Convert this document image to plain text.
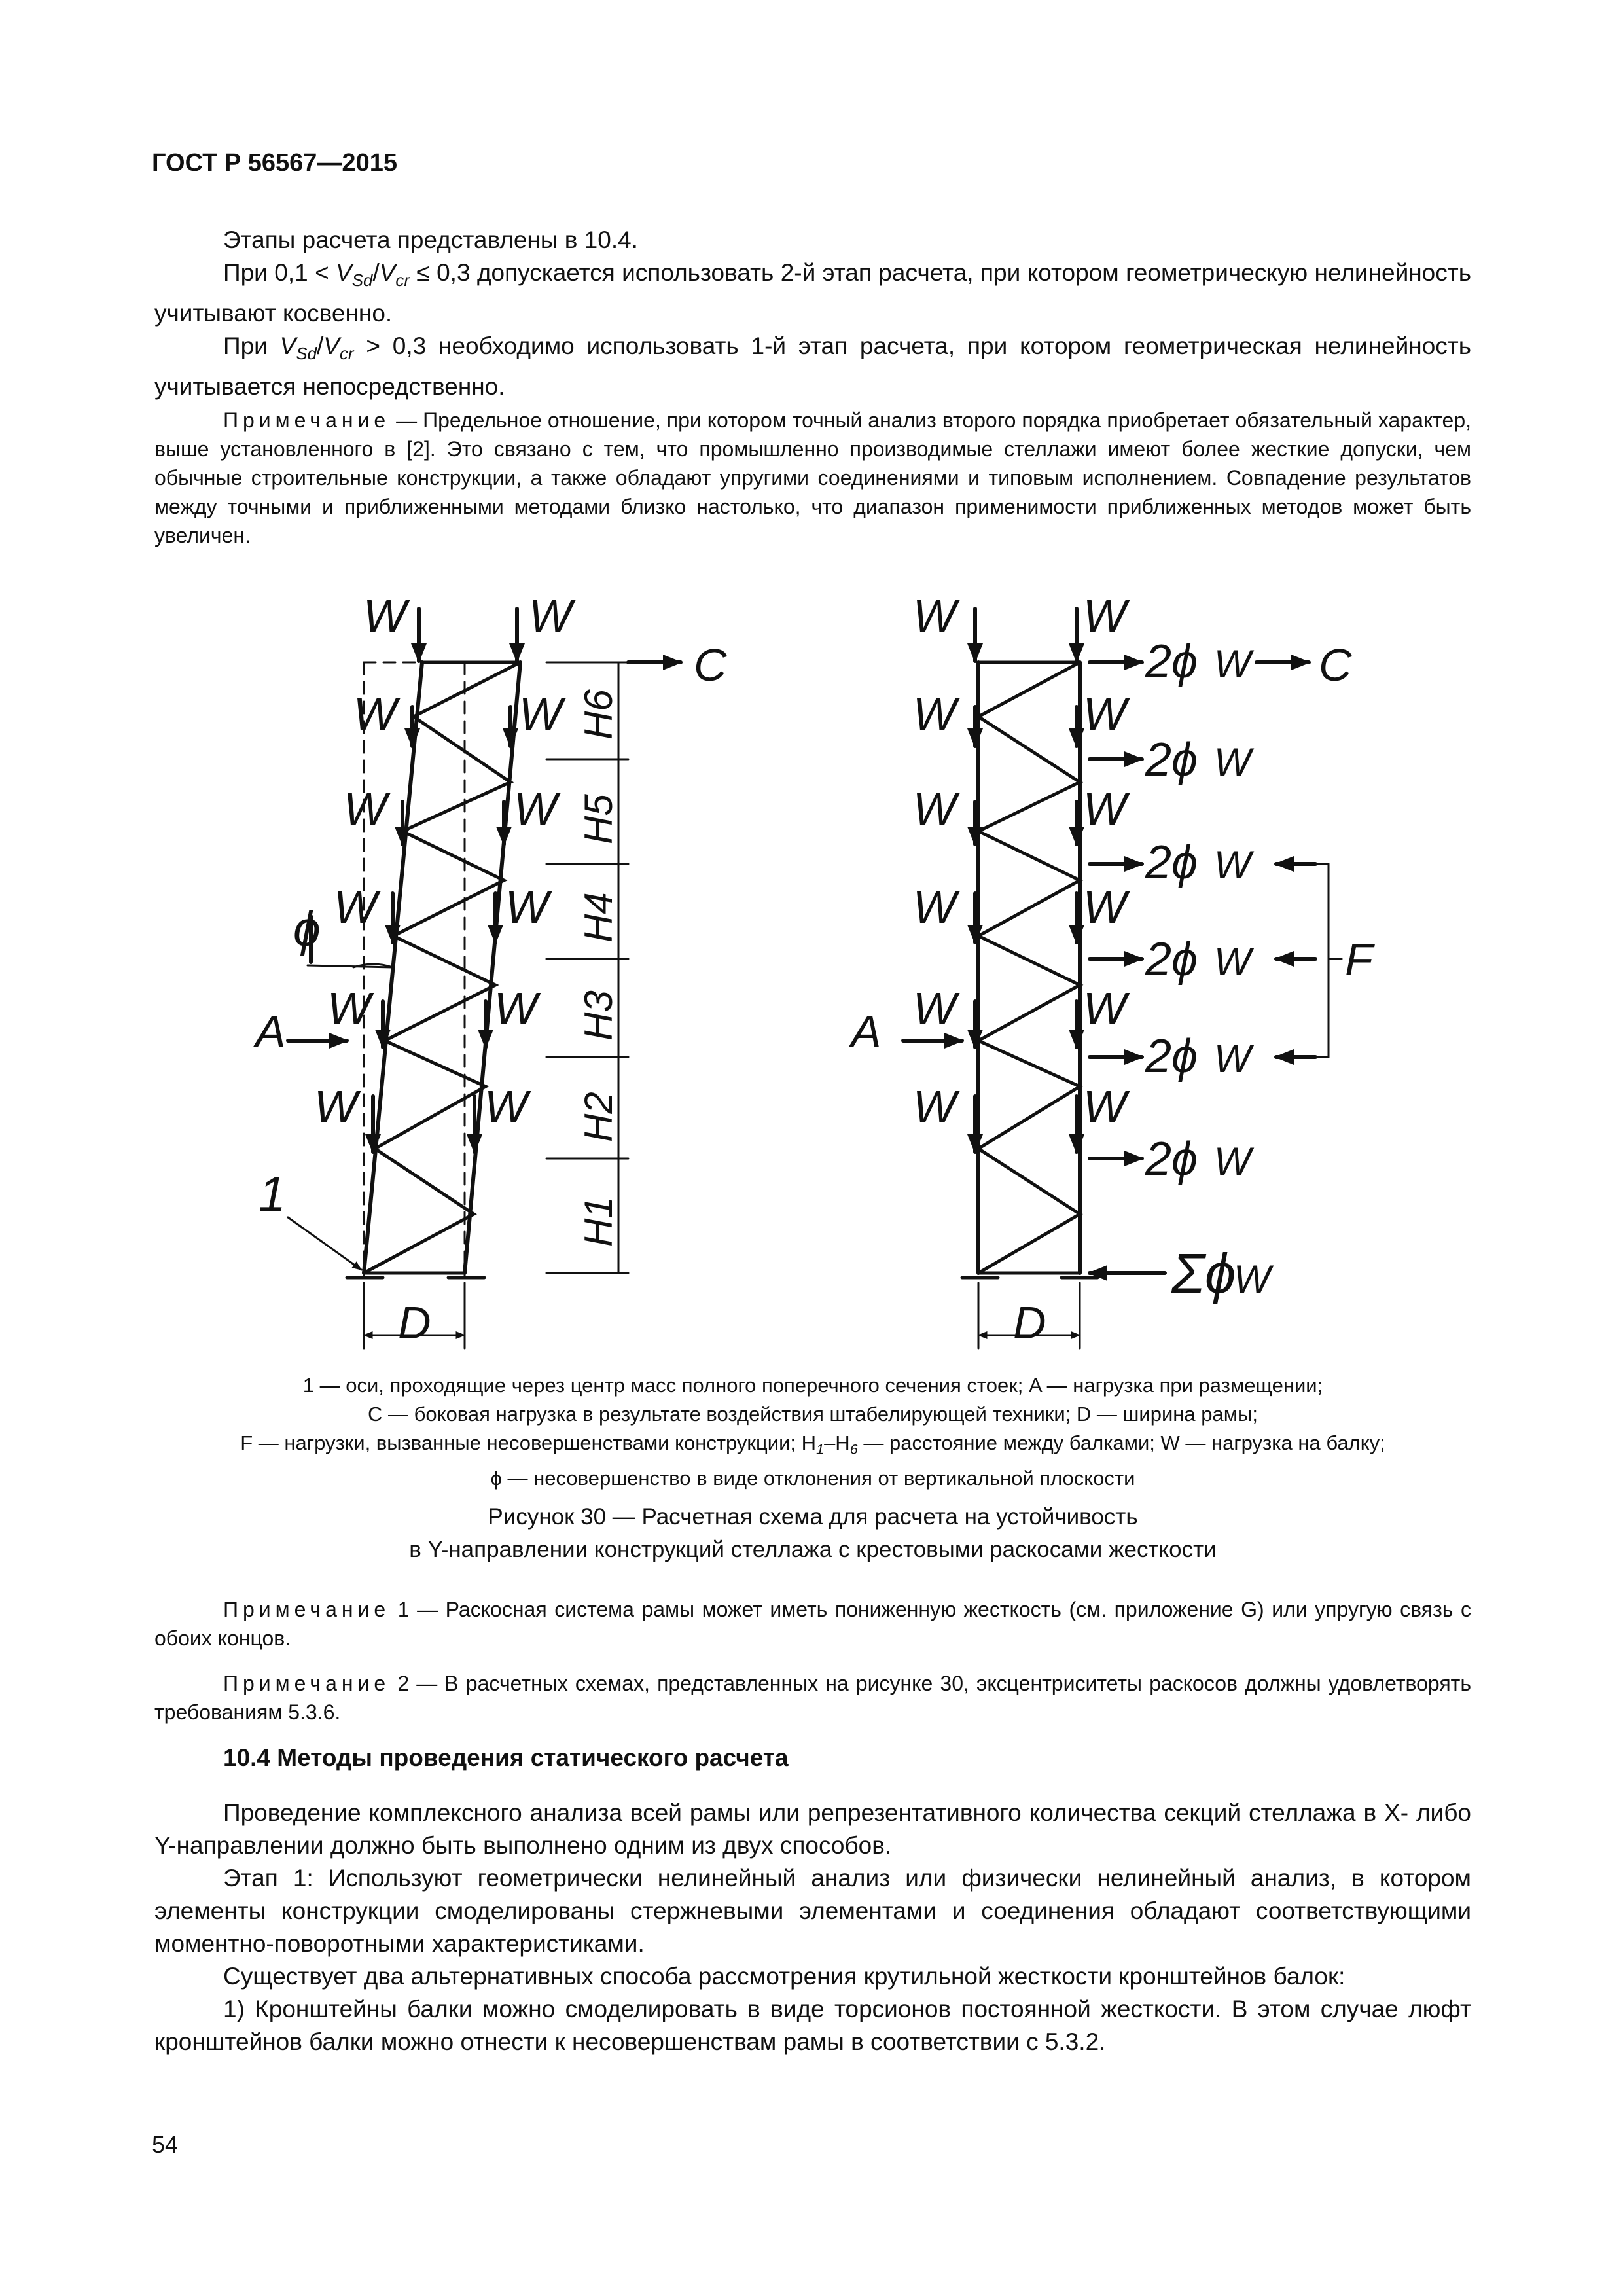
ГОСТ Р 56567—2015

Этапы расчета представлены в 10.4.

При $0,1 < V_{Sd}/V_{cr} \le 0,3$ допускается использовать 2-й этап расчета, при котором геометрическую нелинейность учитывают косвенно.

При $V_{Sd}/V_{cr} > 0,3$ необходимо использовать 1-й этап расчета, при котором геометрическая нелинейность учитывается непосредственно.

Примечание — Предельное отношение, при котором точный анализ второго порядка приобретает обязательный характер, выше установленного в [2]. Это связано с тем, что промышленно производимые стеллажи имеют более жесткие допуски, чем обычные строительные конструкции, а также обладают упругими соединениями и типовым исполнением. Совпадение результатов между точными и приближенными методами близко настолько, что диапазон применимости приближенных методов может быть увеличен.

W	W
W	W
W	W
W	W
W	W
W	W
C
A
ϕ
1
D
H6
H5
H4
H3
H2
H1
W	W
W	W
W	W
W	W
W	W
W	W
A
D
2ϕ W C
2ϕ W
2ϕ W
2ϕ W
2ϕ W
2ϕ W
F
Σϕ
W
1 — оси, проходящие через центр масс полного поперечного сечения стоек; A — нагрузка при размещении;
C — боковая нагрузка в результате воздействия штабелирующей техники; D — ширина рамы;
F — нагрузки, вызванные несовершенствами конструкции; $H_1-H_6$ — расстояние между балками; W — нагрузка на балку;
ϕ — несовершенство в виде отклонения от вертикальной плоскости
Рисунок 30 — Расчетная схема для расчета на устойчивость
в Y-направлении конструкций стеллажа с крестовыми раскосами жесткости

Примечание 1 — Раскосная система рамы может иметь пониженную жесткость (см. приложение G) или упругую связь с обоих концов.

Примечание 2 — В расчетных схемах, представленных на рисунке 30, эксцентриситеты раскосов должны удовлетворять требованиям 5.3.6.

10.4 Методы проведения статического расчета

Проведение комплексного анализа всей рамы или репрезентативного количества секций стеллажа в X- либо Y-направлении должно быть выполнено одним из двух способов.

Этап 1: Используют геометрически нелинейный анализ или физически нелинейный анализ, в котором элементы конструкции смоделированы стержневыми элементами и соединения обладают соответствующими моментно-поворотными характеристиками.

Существует два альтернативных способа рассмотрения крутильной жесткости кронштейнов балок:

1) Кронштейны балки можно смоделировать в виде торсионов постоянной жесткости. В этом случае люфт кронштейнов балки можно отнести к несовершенствам рамы в соответствии с 5.3.2.

54
